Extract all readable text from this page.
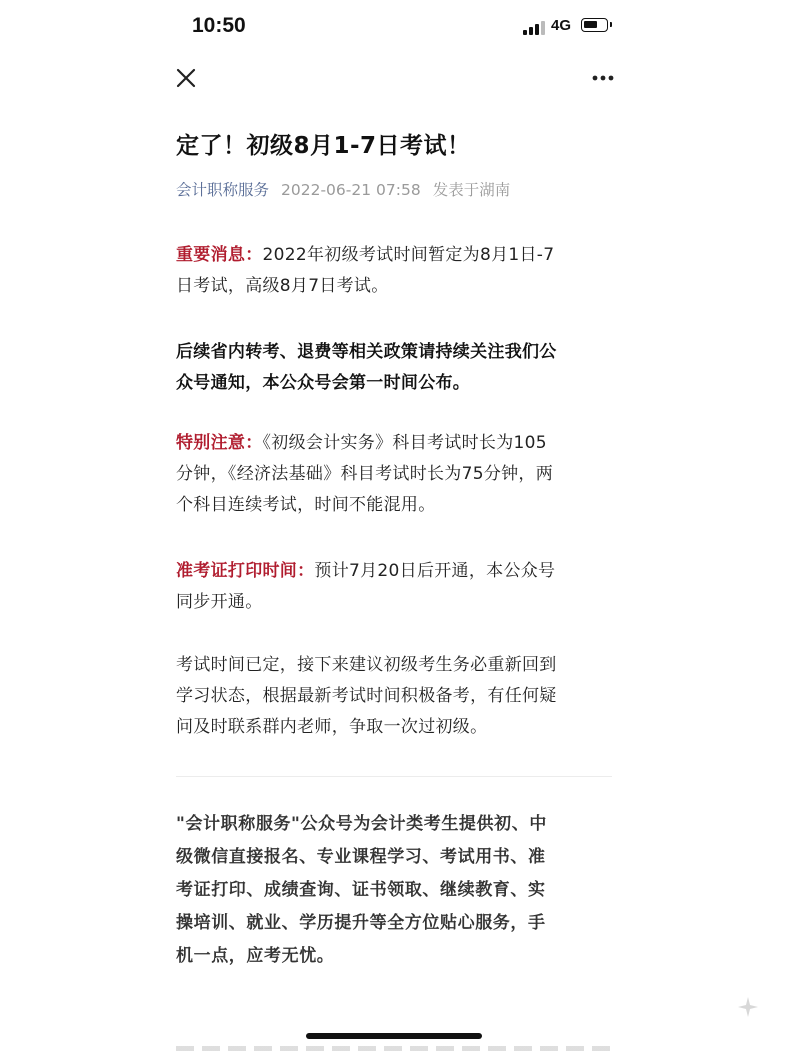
10:50	4G
定了！初级8月1-7日考试！
会计职称服务 2022-06-21 07:58 发表于湖南
重要消息：2022年初级考试时间暂定为8月1日-7
日考试，高级8月7日考试。
后续省内转考、退费等相关政策请持续关注我们公
众号通知，本公众号会第一时间公布。
特别注意：《初级会计实务》科目考试时长为105
分钟，《经济法基础》科目考试时长为75分钟，两
个科目连续考试，时间不能混用。
准考证打印时间：预计7月20日后开通，本公众号
同步开通。
考试时间已定，接下来建议初级考生务必重新回到
学习状态，根据最新考试时间积极备考，有任何疑
问及时联系群内老师，争取一次过初级。
"会计职称服务"公众号为会计类考生提供初、中
级微信直接报名、专业课程学习、考试用书、准
考证打印、成绩查询、证书领取、继续教育、实
操培训、就业、学历提升等全方位贴心服务，手
机一点，应考无忧。
